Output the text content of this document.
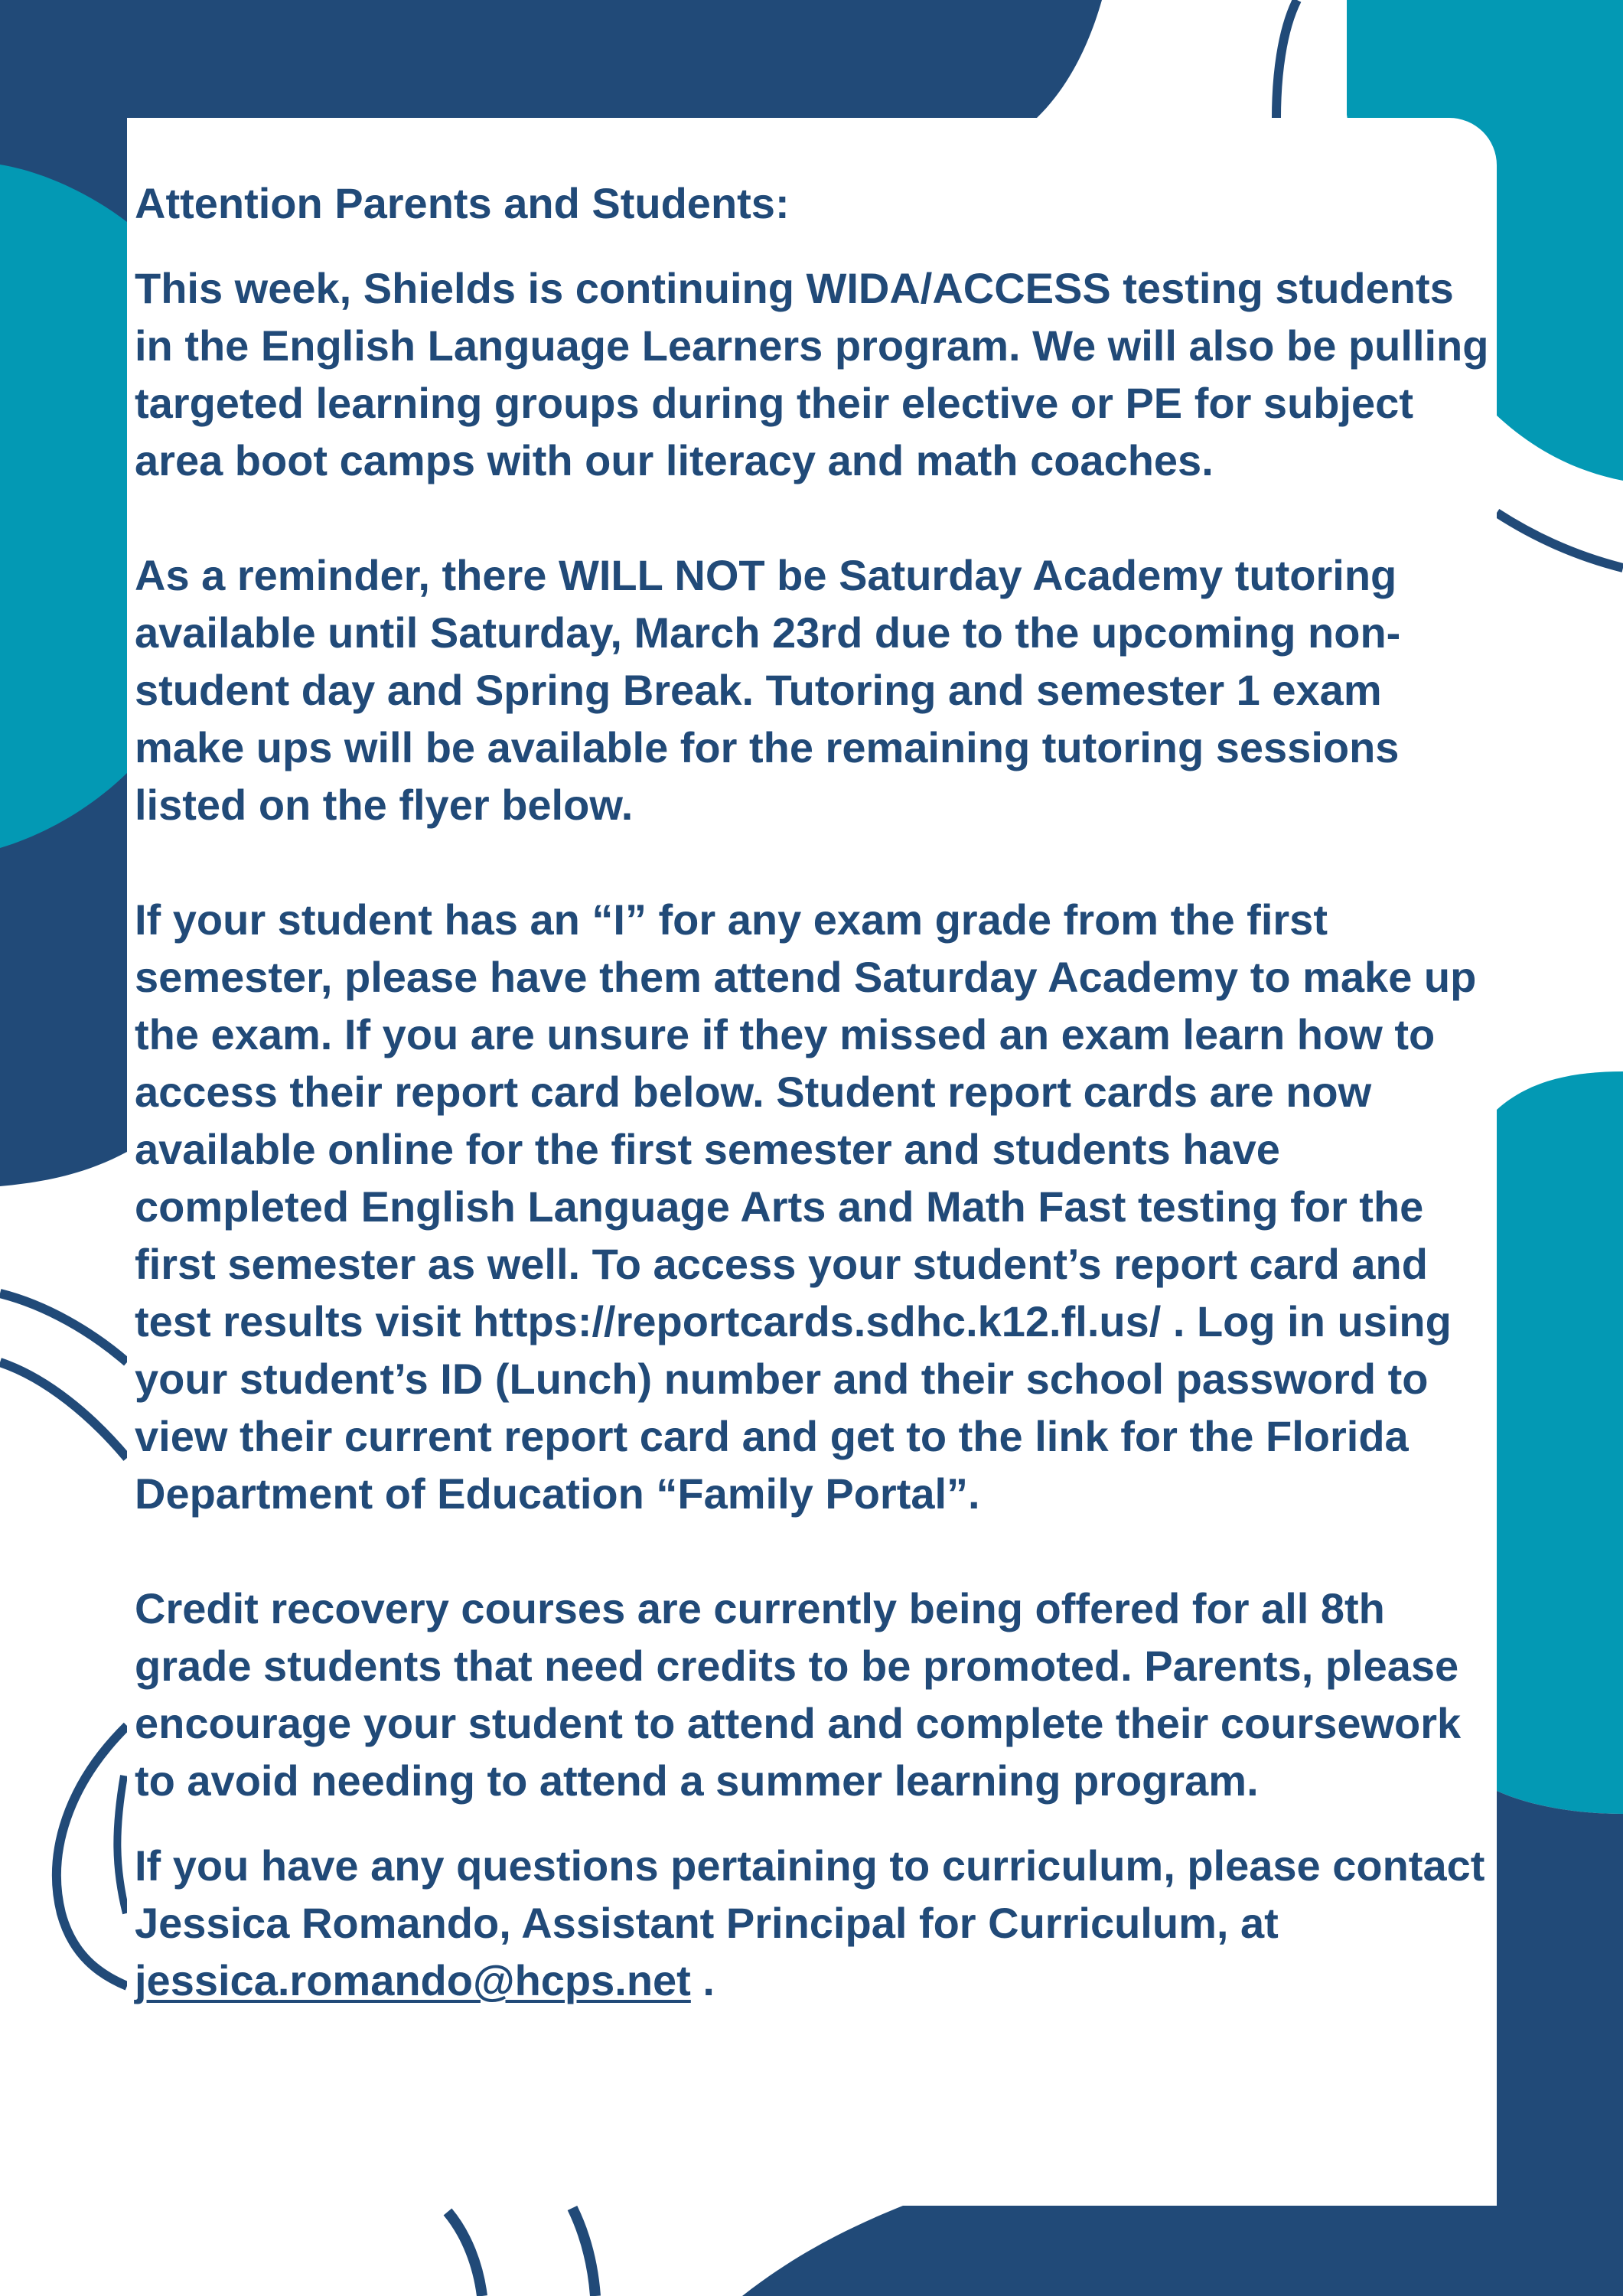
Attention Parents and Students:

This week, Shields is continuing WIDA/ACCESS testing students in the English Language Learners program. We will also be pulling targeted learning groups during their elective or PE for subject area boot camps with our literacy and math coaches.

As a reminder, there WILL NOT be Saturday Academy tutoring available until Saturday, March 23rd due to the upcoming non-student day and Spring Break. Tutoring and semester 1 exam make ups will be available for the remaining tutoring sessions listed on the flyer below.

If your student has an “I” for any exam grade from the first semester, please have them attend Saturday Academy to make up the exam. If you are unsure if they missed an exam learn how to access their report card below. Student report cards are now available online for the first semester and students have completed English Language Arts and Math Fast testing for the first semester as well. To access your student’s report card and test results visit https://reportcards.sdhc.k12.fl.us/ . Log in using your student’s ID (Lunch) number and their school password to view their current report card and get to the link for the Florida Department of Education “Family Portal”.

Credit recovery courses are currently being offered for all 8th grade students that need credits to be promoted. Parents, please encourage your student to attend and complete their coursework to avoid needing to attend a summer learning program.

If you have any questions pertaining to curriculum, please contact Jessica Romando, Assistant Principal for Curriculum, at jessica.romando@hcps.net .
